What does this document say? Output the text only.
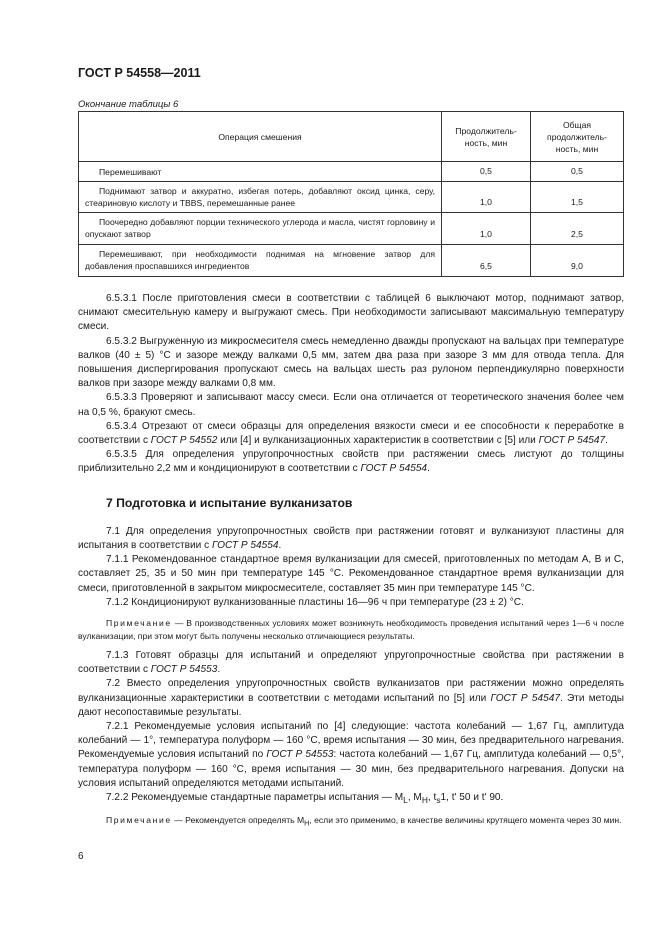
ГОСТ Р 54558—2011
Окончание таблицы 6
Операция смешения	Продолжитель-ность, мин	Общая продолжитель-ность, мин
Перемешивают	0,5	0,5
Поднимают затвор и аккуратно, избегая потерь, добавляют оксид цинка, серу, стеариновую кислоту и TBBS, перемешанные ранее	1,0	1,5
Поочередно добавляют порции технического углерода и масла, чистят горловину и опускают затвор	1,0	2,5
Перемешивают, при необходимости поднимая на мгновение затвор для добавления проспавшихся ингредиентов	6,5	9,0

6.5.3.1 После приготовления смеси в соответствии с таблицей 6 выключают мотор, поднимают затвор, снимают смесительную камеру и выгружают смесь. При необходимости записывают максимальную температуру смеси.

6.5.3.2 Выгруженную из микросмесителя смесь немедленно дважды пропускают на вальцах при температуре валков (40 ± 5) °С и зазоре между валками 0,5 мм, затем два раза при зазоре 3 мм для отвода тепла. Для повышения диспергирования пропускают смесь на вальцах шесть раз рулоном перпендикулярно поверхности валков при зазоре между валками 0,8 мм.

6.5.3.3 Проверяют и записывают массу смеси. Если она отличается от теоретического значения более чем на 0,5 %, бракуют смесь.

6.5.3.4 Отрезают от смеси образцы для определения вязкости смеси и ее способности к переработке в соответствии с ГОСТ Р 54552 или [4] и вулканизационных характеристик в соответствии с [5] или ГОСТ Р 54547.

6.5.3.5 Для определения упругопрочностных свойств при растяжении смесь листуют до толщины приблизительно 2,2 мм и кондиционируют в соответствии с ГОСТ Р 54554.

7 Подготовка и испытание вулканизатов

7.1 Для определения упругопрочностных свойств при растяжении готовят и вулканизуют пластины для испытания в соответствии с ГОСТ Р 54554.

7.1.1 Рекомендованное стандартное время вулканизации для смесей, приготовленных по методам А, В и С, составляет 25, 35 и 50 мин при температуре 145 °С. Рекомендованное стандартное время вулканизации для смеси, приготовленной в закрытом микросмесителе, составляет 35 мин при температуре 145 °С.

7.1.2 Кондиционируют вулканизованные пластины 16—96 ч при температуре (23 ± 2) °С.

Примечание — В производственных условиях может возникнуть необходимость проведения испытаний через 1—6 ч после вулканизации, при этом могут быть получены несколько отличающиеся результаты.

7.1.3 Готовят образцы для испытаний и определяют упругопрочностные свойства при растяжении в соответствии с ГОСТ Р 54553.

7.2 Вместо определения упругопрочностных свойств вулканизатов при растяжении можно определять вулканизационные характеристики в соответствии с методами испытаний по [5] или ГОСТ Р 54547. Эти методы дают несопоставимые результаты.

7.2.1 Рекомендуемые условия испытаний по [4] следующие: частота колебаний — 1,67 Гц, амплитуда колебаний — 1°, температура полуформ — 160 °С, время испытания — 30 мин, без предварительного нагревания. Рекомендуемые условия испытаний по ГОСТ Р 54553: частота колебаний — 1,67 Гц, амплитуда колебаний — 0,5°, температура полуформ — 160 °С, время испытания — 30 мин, без предварительного нагревания. Допуски на условия испытаний определяются методами испытаний.

7.2.2 Рекомендуемые стандартные параметры испытания — $M_L$, $M_H$, $t_s1$, t' 50 и t' 90.

Примечание — Рекомендуется определять $M_H$, если это применимо, в качестве величины крутящего момента через 30 мин.

6
